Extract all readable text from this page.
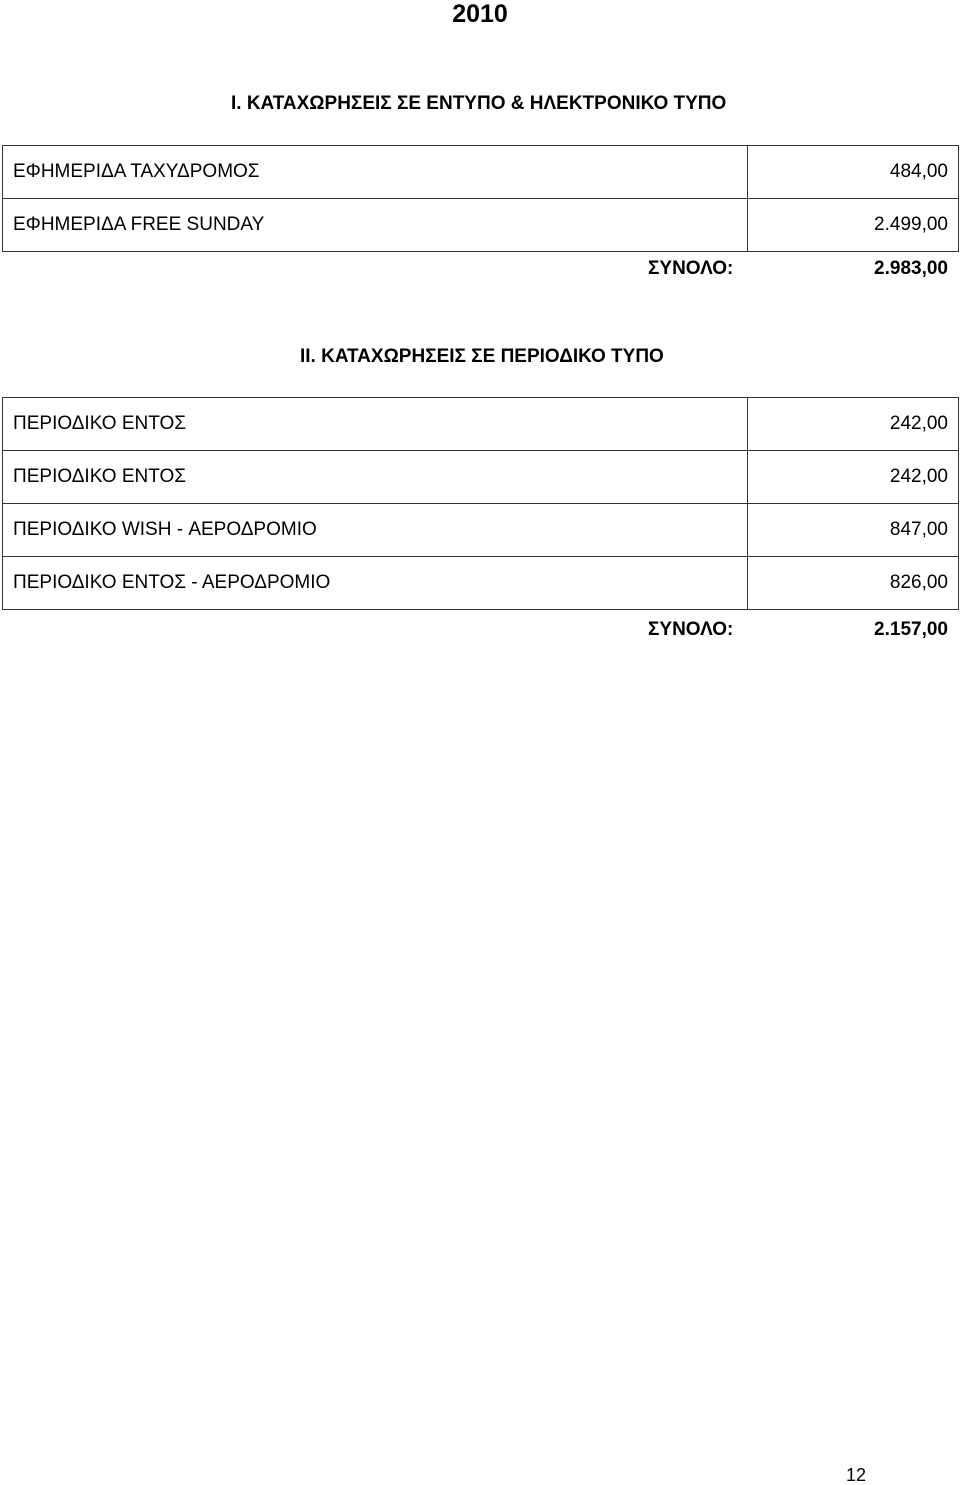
2010
I. ΚΑΤΑΧΩΡΗΣΕΙΣ ΣΕ ΕΝΤΥΠΟ & ΗΛΕΚΤΡΟΝΙΚΟ ΤΥΠΟ
ΕΦΗΜΕΡΙΔΑ ΤΑΧΥΔΡΟΜΟΣ	484,00
ΕΦΗΜΕΡΙΔΑ FREE SUNDAY	2.499,00
ΣΥΝΟΛΟ:	2.983,00
II. ΚΑΤΑΧΩΡΗΣΕΙΣ ΣΕ ΠΕΡΙΟΔΙΚΟ ΤΥΠΟ
ΠΕΡΙΟΔΙΚΟ ΕΝΤΟΣ	242,00
ΠΕΡΙΟΔΙΚΟ ΕΝΤΟΣ	242,00
ΠΕΡΙΟΔΙΚΟ WISH - ΑΕΡΟΔΡΟΜΙΟ	847,00
ΠΕΡΙΟΔΙΚΟ ΕΝΤΟΣ - ΑΕΡΟΔΡΟΜΙΟ	826,00
ΣΥΝΟΛΟ:	2.157,00
12
